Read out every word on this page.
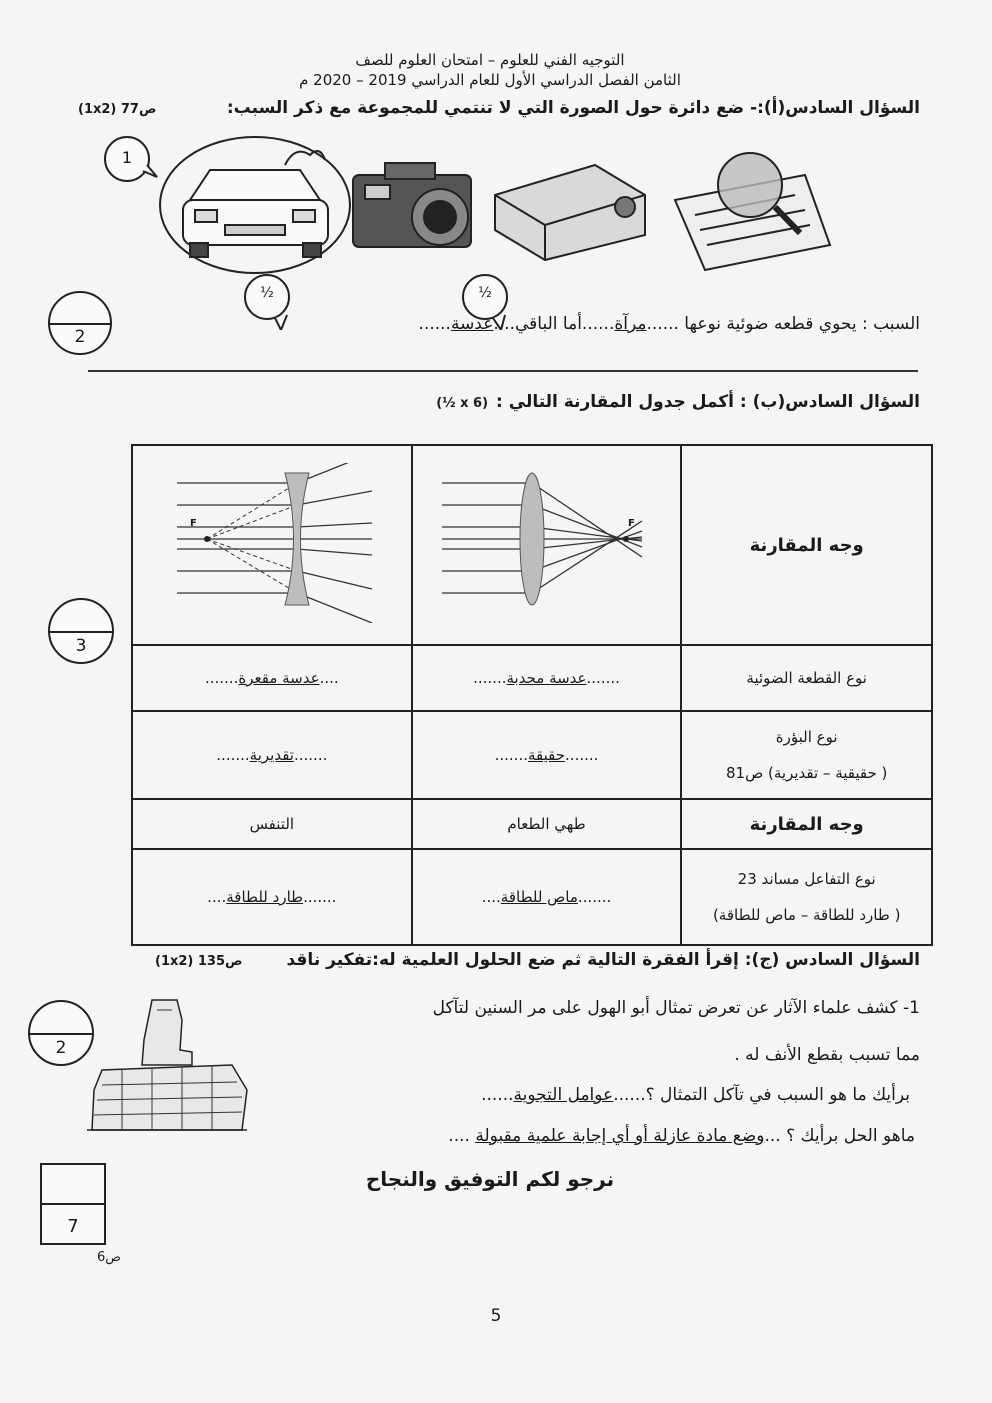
التوجيه الفني للعلوم – امتحان العلوم للصف
الثامن الفصل الدراسي الأول للعام الدراسي 2019 – 2020 م
السؤال السادس(أ):- ضع دائرة حول الصورة التي لا تنتمي للمجموعة مع ذكر السبب:
(1x2) ص77
1
½	½
2
السبب : يحوي قطعه ضوئية نوعها ......مرآة......أما الباقي....عدسة......
السؤال السادس(ب) : أكمل جدول المقارنة التالي :
(½ x 6)
3
وجه المقارنة		
نوع القطعة الضوئية	.......عدسة محدبة.......	....عدسة مقعرة.......

نوع البؤرة
( حقيقية – تقديرية) ص81	.......حقيقة.......	.......تقديرية.......
وجه المقارنة	طهي الطعام	التنفس

نوع التفاعل مساند 23
( طارد للطاقة – ماص للطاقة)	.......ماص للطاقة....	.......طارد للطاقة....
F
F
السؤال السادس (ج): إقرأ الفقرة التالية ثم ضع الحلول العلمية له:تفكير ناقد
(1x2) ص135
2
1- كشف علماء الآثار عن تعرض تمثال أبو الهول على مر السنين لتآكل
مما تسبب بقطع الأنف له .
برأيك ما هو السبب في تآكل التمثال ؟......عوامل التجوية......
ماهو الحل برأيك ؟ ...وضع مادة عازلة أو أي إجابة علمية مقبولة ....
نرجو لكم التوفيق والنجاح
7
ص6
5
